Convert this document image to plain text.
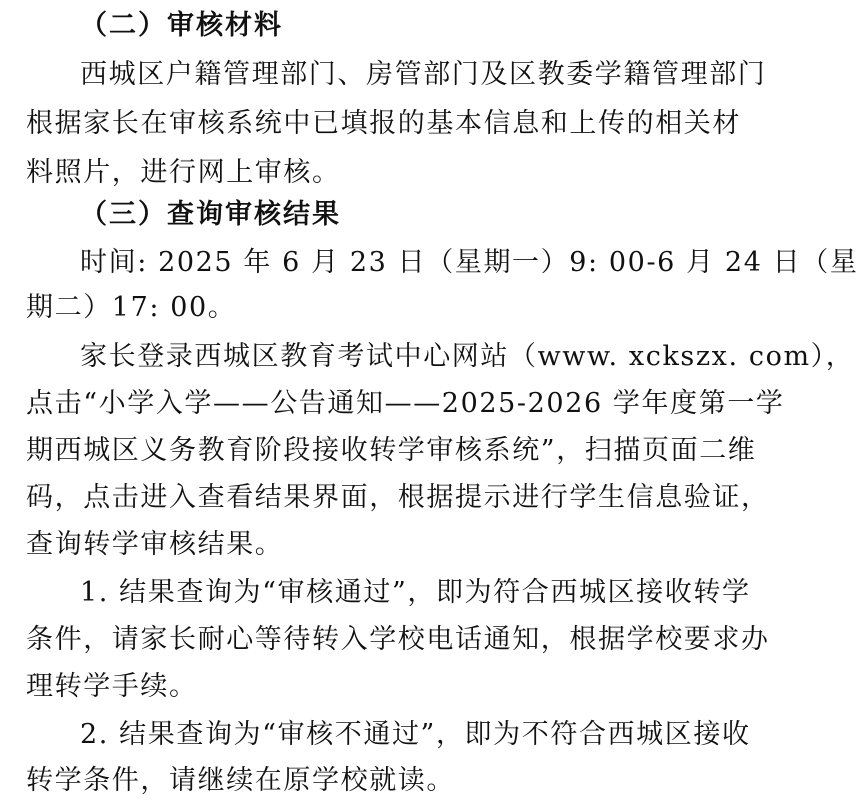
（二）审核材料
西城区户籍管理部门、房管部门及区教委学籍管理部门
根据家长在审核系统中已填报的基本信息和上传的相关材
料照片，进行网上审核。
（三）查询审核结果
时间: 2025 年 6 月 23 日（星期一）9: 00-6 月 24 日（星
期二）17: 00。
家长登录西城区教育考试中心网站（www. xckszx. com），
点击“小学入学——公告通知——2025-2026 学年度第一学
期西城区义务教育阶段接收转学审核系统”，扫描页面二维
码，点击进入查看结果界面，根据提示进行学生信息验证，
查询转学审核结果。
1. 结果查询为“审核通过”，即为符合西城区接收转学
条件，请家长耐心等待转入学校电话通知，根据学校要求办
理转学手续。
2. 结果查询为“审核不通过”，即为不符合西城区接收
转学条件，请继续在原学校就读。
